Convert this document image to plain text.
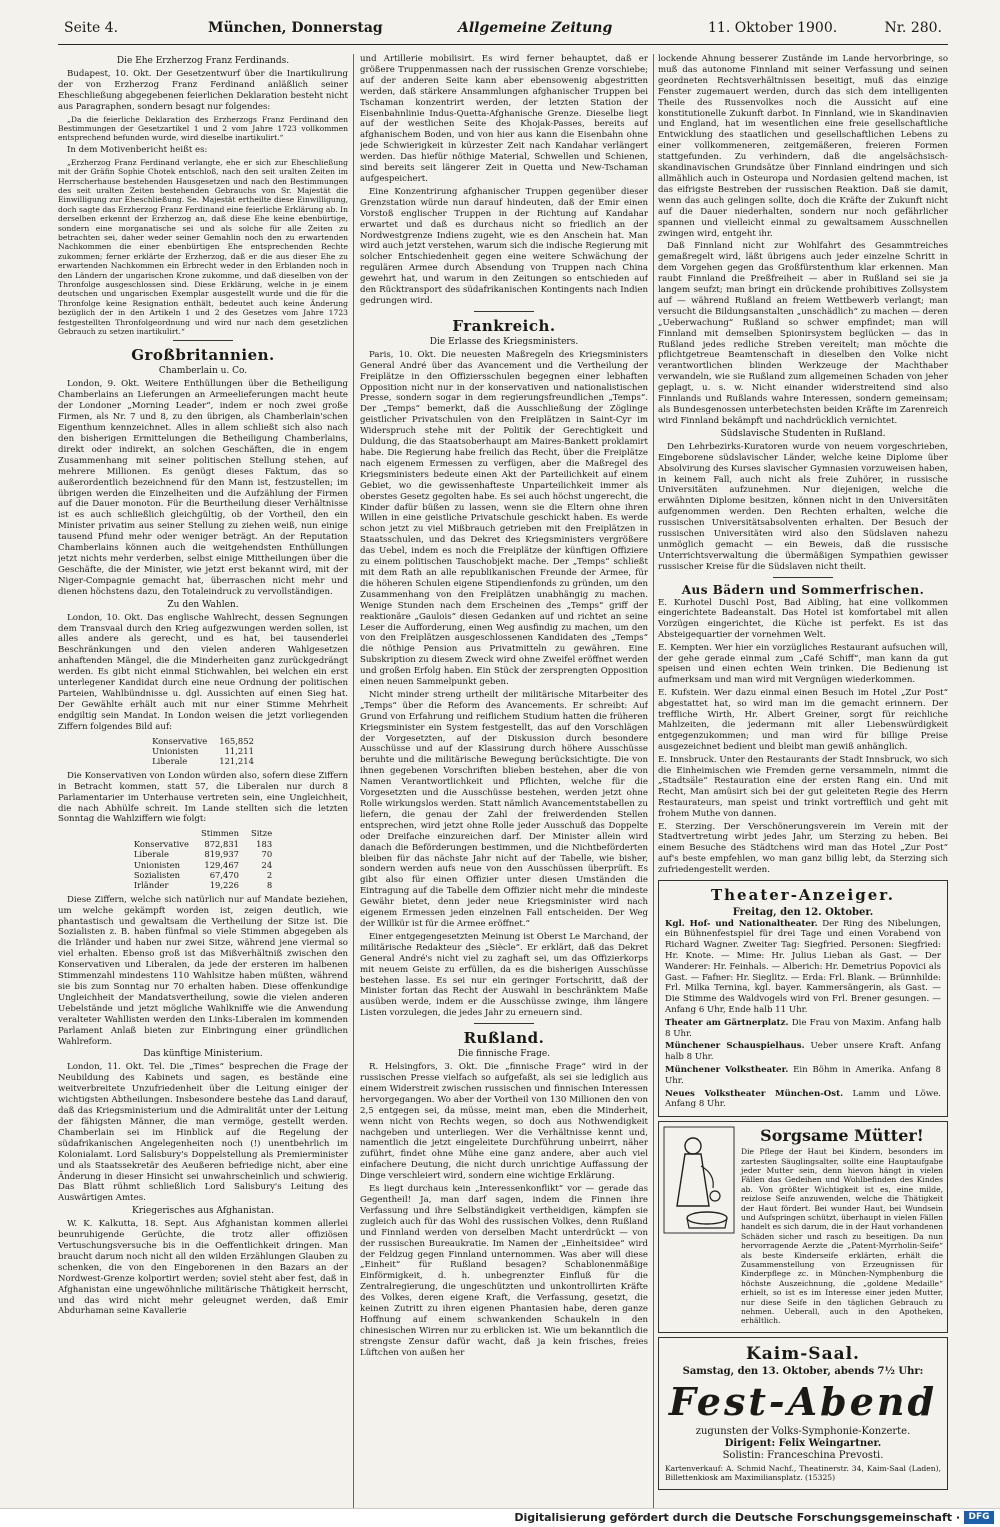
Seite 4.	München, Donnerstag	Allgemeine Zeitung	11. Oktober 1900.	Nr. 280.
Die Ehe Erzherzog Franz Ferdinands.

Budapest, 10. Okt. Der Gesetzentwurf über die Inartikulirung der von Erzherzog Franz Ferdinand anläßlich seiner Eheschließung abgegebenen feierlichen Deklaration besteht nicht aus Paragraphen, sondern besagt nur folgendes:

„Da die feierliche Deklaration des Erzherzogs Franz Ferdinand den Bestimmungen der Gesetzartikel 1 und 2 vom Jahre 1723 vollkommen entsprechend befunden wurde, wird dieselbe inartikulirt.“

In dem Motivenbericht heißt es:

„Erzherzog Franz Ferdinand verlangte, ehe er sich zur Eheschließung mit der Gräfin Sophie Chotek entschloß, nach den seit uralten Zeiten im Herrscherhause bestehenden Hausgesetzen und nach den Bestimmungen des seit uralten Zeiten bestehenden Gebrauchs von Sr. Majestät die Einwilligung zur Eheschließung. Se. Majestät ertheilte diese Einwilligung, doch sagte das Erzherzog Franz Ferdinand eine feierliche Erklärung ab. In derselben erkennt der Erzherzog an, daß diese Ehe keine ebenbürtige, sondern eine morganatische sei und als solche für alle Zeiten zu betrachten sei, daher weder seiner Gemahlin noch den zu erwartenden Nachkommen die einer ebenbürtigen Ehe entsprechenden Rechte zukommen; ferner erklärte der Erzherzog, daß er die aus dieser Ehe zu erwartenden Nachkommen ein Erbrecht weder in den Erblanden noch in den Ländern der ungarischen Krone zukomme, und daß dieselben von der Thronfolge ausgeschlossen sind. Diese Erklärung, welche in je einem deutschen und ungarischen Exemplar ausgestellt wurde und die für die Thronfolge keine Resignation enthält, bedeutet auch keine Änderung bezüglich der in den Artikeln 1 und 2 des Gesetzes vom Jahre 1723 festgestellten Thronfolgeordnung und wird nur nach dem gesetzlichen Gebrauch zu setzen inartikulirt.“

Großbritannien.
Chamberlain u. Co.

London, 9. Okt. Weitere Enthüllungen über die Betheiligung Chamberlains an Lieferungen an Armeelieferungen macht heute der Londoner „Morning Leader“, indem er noch zwei große Firmen, als Nr. 7 und 8, zu den übrigen, als Chamberlain'schen Eigenthum kennzeichnet. Alles in allem schließt sich also nach den bisherigen Ermittelungen die Betheiligung Chamberlains, direkt oder indirekt, an solchen Geschäften, die in engem Zusammenhang mit seiner politischen Stellung stehen, auf mehrere Millionen. Es genügt dieses Faktum, das so außerordentlich bezeichnend für den Mann ist, festzustellen; im übrigen werden die Einzelheiten und die Aufzählung der Firmen auf die Dauer monoton. Für die Beurtheilung dieser Verhältnisse ist es auch schließlich gleichgültig, ob der Vortheil, den ein Minister privatim aus seiner Stellung zu ziehen weiß, nun einige tausend Pfund mehr oder weniger beträgt. An der Reputation Chamberlains können auch die weitgehendsten Enthüllungen jetzt nichts mehr verderben, selbst einige Mittheilungen über die Geschäfte, die der Minister, wie jetzt erst bekannt wird, mit der Niger-Compagnie gemacht hat, überraschen nicht mehr und dienen höchstens dazu, den Totaleindruck zu vervollständigen.

Zu den Wahlen.

London, 10. Okt. Das englische Wahlrecht, dessen Segnungen dem Transvaal durch den Krieg aufgezwungen werden sollen, ist alles andere als gerecht, und es hat, bei tausenderlei Beschränkungen und den vielen anderen Wahlgesetzen anhaftenden Mängel, die die Minderheiten ganz zurückgedrängt werden. Es gibt nicht einmal Stichwahlen, bei welchen ein erst unterlegener Kandidat durch eine neue Ordnung der politischen Parteien, Wahlbündnisse u. dgl. Aussichten auf einen Sieg hat. Der Gewählte erhält auch mit nur einer Stimme Mehrheit endgiltig sein Mandat. In London weisen die jetzt vorliegenden Ziffern folgendes Bild auf:

Konservative	165,852
Unionisten	11,211
Liberale	121,214

Die Konservativen von London würden also, sofern diese Ziffern in Betracht kommen, statt 57, die Liberalen nur durch 8 Parlamentarier im Unterhause vertreten sein, eine Ungleichheit, die nach Abhülfe schreit. Im Lande stellten sich die letzten Sonntag die Wahlziffern wie folgt:

	Stimmen	Sitze
Konservative	872,831	183
Liberale	819,937	70
Unionisten	129,467	24
Sozialisten	67,470	2
Irländer	19,226	8

Diese Ziffern, welche sich natürlich nur auf Mandate beziehen, um welche gekämpft worden ist, zeigen deutlich, wie phantastisch und gewaltsam die Vertheilung der Sitze ist. Die Sozialisten z. B. haben fünfmal so viele Stimmen abgegeben als die Irländer und haben nur zwei Sitze, während jene viermal so viel erhalten. Ebenso groß ist das Mißverhältniß zwischen den Konservativen und Liberalen, da jede der ersteren im halbenen Stimmenzahl mindestens 110 Wahlsitze haben müßten, während sie bis zum Sonntag nur 70 erhalten haben. Diese offenkundige Ungleichheit der Mandatsvertheilung, sowie die vielen anderen Uebelstände und jetzt mögliche Wahlkniffe wie die Anwendung veralteter Wahllisten werden den Links-Liberalen im kommenden Parlament Anlaß bieten zur Einbringung einer gründlichen Wahlreform.

Das künftige Ministerium.

London, 11. Okt. Tel. Die „Times“ besprechen die Frage der Neubildung des Kabinets und sagen, es bestände eine weitverbreitete Unzufriedenheit über die Leitung einiger der wichtigsten Abtheilungen. Insbesondere bestehe das Land darauf, daß das Kriegsministerium und die Admiralität unter der Leitung der fähigsten Männer, die man vermöge, gestellt werden. Chamberlain sei im Hinblick auf die Regelung der südafrikanischen Angelegenheiten noch (!) unentbehrlich im Kolonialamt. Lord Salisbury's Doppelstellung als Premierminister und als Staatssekretär des Aeußeren befriedige nicht, aber eine Änderung in dieser Hinsicht sei unwahrscheinlich und schwierig. Das Blatt rühmt schließlich Lord Salisbury's Leitung des Auswärtigen Amtes.

Kriegerisches aus Afghanistan.

W. K. Kalkutta, 18. Sept. Aus Afghanistan kommen allerlei beunruhigende Gerüchte, die trotz aller offiziösen Vertuschungsversuche bis in die Oeffentlichkeit dringen. Man braucht darum noch nicht all den wilden Erzählungen Glauben zu schenken, die von den Eingeborenen in den Bazars an der Nordwest-Grenze kolportirt werden; soviel steht aber fest, daß in Afghanistan eine ungewöhnliche militärische Thätigkeit herrscht, und das wird nicht mehr geleugnet werden, daß Emir Abdurhaman seine Kavallerie

und Artillerie mobilisirt. Es wird ferner behauptet, daß er größere Truppenmassen nach der russischen Grenze vorschiebe; auf der anderen Seite kann aber ebensowenig abgestritten werden, daß stärkere Ansammlungen afghanischer Truppen bei Tschaman konzentrirt werden, der letzten Station der Eisenbahnlinie Indus-Quetta-Afghanische Grenze. Dieselbe liegt auf der westlichen Seite des Khojak-Passes, bereits auf afghanischem Boden, und von hier aus kann die Eisenbahn ohne jede Schwierigkeit in kürzester Zeit nach Kandahar verlängert werden. Das hiefür nöthige Material, Schwellen und Schienen, sind bereits seit längerer Zeit in Quetta und New-Tschaman aufgespeichert.

Eine Konzentrirung afghanischer Truppen gegenüber dieser Grenzstation würde nun darauf hindeuten, daß der Emir einen Vorstoß englischer Truppen in der Richtung auf Kandahar erwartet und daß es durchaus nicht so friedlich an der Nordwestgrenze Indiens zugeht, wie es den Anschein hat. Man wird auch jetzt verstehen, warum sich die indische Regierung mit solcher Entschiedenheit gegen eine weitere Schwächung der regulären Armee durch Absendung von Truppen nach China gewehrt hat, und warum in den Zeitungen so entschieden auf den Rücktransport des südafrikanischen Kontingents nach Indien gedrungen wird.

Frankreich.
Die Erlasse des Kriegsministers.

Paris, 10. Okt. Die neuesten Maßregeln des Kriegsministers General André über das Avancement und die Vertheilung der Freiplätze in den Offiziersschulen begegnen einer lebhaften Opposition nicht nur in der konservativen und nationalistischen Presse, sondern sogar in dem regierungsfreundlichen „Temps“. Der „Temps“ bemerkt, daß die Ausschließung der Zöglinge geistlicher Privatschulen von den Freiplätzen in Saint-Cyr im Widerspruch stehe mit der Politik der Gerechtigkeit und Duldung, die das Staatsoberhaupt am Maires-Bankett proklamirt habe. Die Regierung habe freilich das Recht, über die Freiplätze nach eigenem Ermessen zu verfügen, aber die Maßregel des Kriegsministers bedeute einen Akt der Parteilichkeit auf einem Gebiet, wo die gewissenhafteste Unparteilichkeit immer als oberstes Gesetz gegolten habe. Es sei auch höchst ungerecht, die Kinder dafür büßen zu lassen, wenn sie die Eltern ohne ihren Willen in eine geistliche Privatschule geschickt haben. Es werde schon jetzt zu viel Mißbrauch getrieben mit den Freiplätzen in Staatsschulen, und das Dekret des Kriegsministers vergrößere das Uebel, indem es noch die Freiplätze der künftigen Offiziere zu einem politischen Tauschobjekt mache. Der „Temps“ schließt mit dem Rath an alle republikanischen Freunde der Armee, für die höheren Schulen eigene Stipendienfonds zu gründen, um den Zusammenhang von den Freiplätzen unabhängig zu machen. Wenige Stunden nach dem Erscheinen des „Temps“ griff der reaktionäre „Gaulois“ diesen Gedanken auf und richtet an seine Leser die Aufforderung, einen Weg ausfindig zu machen, um den von den Freiplätzen ausgeschlossenen Kandidaten des „Temps“ die nöthige Pension aus Privatmitteln zu gewähren. Eine Subskription zu diesem Zweck wird ohne Zweifel eröffnet werden und großen Erfolg haben. Ein Stück der zersprengten Opposition einen neuen Sammelpunkt geben.

Nicht minder streng urtheilt der militärische Mitarbeiter des „Temps“ über die Reform des Avancements. Er schreibt: Auf Grund von Erfahrung und reiflichem Studium hatten die früheren Kriegsminister ein System festgestellt, das auf den Vorschlägen der Vorgesetzten, auf der Diskussion durch besondere Ausschüsse und auf der Klassirung durch höhere Ausschüsse beruhte und die militärische Bewegung berücksichtigte. Die von ihnen gegebenen Vorschriften blieben bestehen, aber die von Namen Verantwortlichkeit und Pflichten, welche für die Vorgesetzten und die Ausschüsse bestehen, werden jetzt ohne Rolle wirkungslos werden. Statt nämlich Avancementstabellen zu liefern, die genau der Zahl der freiwerdenden Stellen entsprechen, wird jetzt ohne Rolle jeder Ausschuß das Doppelte oder Dreifache einzureichen darf. Der Minister allein wird danach die Beförderungen bestimmen, und die Nichtbeförderten bleiben für das nächste Jahr nicht auf der Tabelle, wie bisher, sondern werden aufs neue von den Ausschüssen überprüft. Es gibt also für einen Offizier unter diesen Umständen die Eintragung auf die Tabelle dem Offizier nicht mehr die mindeste Gewähr bietet, denn jeder neue Kriegsminister wird nach eigenem Ermessen jeden einzelnen Fall entscheiden. Der Weg der Willkür ist für die Armee eröffnet.“

Einer entgegengesetzten Meinung ist Oberst Le Marchand, der militärische Redakteur des „Siècle“. Er erklärt, daß das Dekret General André's nicht viel zu zaghaft sei, um das Offizierkorps mit neuem Geiste zu erfüllen, da es die bisherigen Ausschüsse bestehen lasse. Es sei nur ein geringer Fortschritt, daß der Minister fortan das Recht der Auswahl in beschränktem Maße ausüben werde, indem er die Ausschüsse zwinge, ihm längere Listen vorzulegen, die jedes Jahr zu erneuern sind.

Rußland.
Die finnische Frage.

R. Helsingfors, 3. Okt. Die „finnische Frage“ wird in der russischen Presse vielfach so aufgefaßt, als sei sie lediglich aus einem Widerstreit zwischen russischen und finnischen Interessen hervorgegangen. Wo aber der Vortheil von 130 Millionen den von 2,5 entgegen sei, da müsse, meint man, eben die Minderheit, wenn nicht von Rechts wegen, so doch aus Nothwendigkeit nachgeben und unterliegen. Wer die Verhältnisse kennt und, namentlich die jetzt eingeleitete Durchführung unbeirrt, näher zuführt, findet ohne Mühe eine ganz andere, aber auch viel einfachere Deutung, die nicht durch unrichtige Auffassung der Dinge verschleiert wird, sondern eine wichtige Erklärung.

Es liegt durchaus kein „Interessenkonflikt“ vor — gerade das Gegentheil! Ja, man darf sagen, indem die Finnen ihre Verfassung und ihre Selbständigkeit vertheidigen, kämpfen sie zugleich auch für das Wohl des russischen Volkes, denn Rußland und Finnland werden von derselben Macht unterdrückt — von der russischen Bureaukratie. Im Namen der „Einheitsidee“ wird der Feldzug gegen Finnland unternommen. Was aber will diese „Einheit“ für Rußland besagen? Schablonenmäßige Einförmigkeit, d. h. unbegrenzter Einfluß für die Zentralregierung, die ungeschützten und unkontrollirten Kräfte des Volkes, deren eigene Kraft, die Verfassung, gesetzt, die keinen Zutritt zu ihren eigenen Phantasien habe, deren ganze Hoffnung auf einem schwankenden Schaukeln in den chinesischen Wirren nur zu erblicken ist. Wie um bekanntlich die strengste Zensur dafür wacht, daß ja kein frisches, freies Lüftchen von außen her

lockende Ahnung besserer Zustände im Lande hervorbringe, so muß das autonome Finnland mit seiner Verfassung und seinen geordneten Rechtsverhältnissen beseitigt, muß das einzige Fenster zugemauert werden, durch das sich dem intelligenten Theile des Russenvolkes noch die Aussicht auf eine konstitutionelle Zukunft darbot. In Finnland, wie in Skandinavien und England, hat im wesentlichen eine freie gesellschaftliche Entwicklung des staatlichen und gesellschaftlichen Lebens zu einer vollkommeneren, zeitgemäßeren, freieren Formen stattgefunden. Zu verhindern, daß die angelsächsisch-skandinavischen Grundsätze über Finnland eindringen und sich allmählich auch in Osteuropa und Nordasien geltend machen, ist das eifrigste Bestreben der russischen Reaktion. Daß sie damit, wenn das auch gelingen sollte, doch die Kräfte der Zukunft nicht auf die Dauer niederhalten, sondern nur noch gefährlicher spannen und vielleicht einmal zu gewaltsamem Ausschnellen zwingen wird, entgeht ihr.

Daß Finnland nicht zur Wohlfahrt des Gesammtreiches gemaßregelt wird, läßt übrigens auch jeder einzelne Schritt in dem Vorgehen gegen das Großfürstenthum klar erkennen. Man raubt Finnland die Preßfreiheit — aber in Rußland sei sie ja langem seufzt; man bringt ein drückende prohibitives Zollsystem auf — während Rußland an freiem Wettbewerb verlangt; man versucht die Bildungsanstalten „unschädlich“ zu machen — deren „Ueberwachung“ Rußland so schwer empfindet; man will Finnland mit demselben Spionirsystem beglücken — das in Rußland jedes redliche Streben vereitelt; man möchte die pflichtgetreue Beamtenschaft in dieselben den Volke nicht verantwortlichen blinden Werkzeuge der Machthaber verwandeln, wie sie Rußland zum allgemeinen Schaden von jeher geplagt, u. s. w. Nicht einander widerstreitend sind also Finnlands und Rußlands wahre Interessen, sondern gemeinsam; als Bundesgenossen unterbetechsten beiden Kräfte im Zarenreich wird Finnland bekämpft und nachdrücklich vernichtet.

Südslavische Studenten in Rußland.

Den Lehrbezirks-Kuratoren wurde von neuem vorgeschrieben, Eingeborene südslavischer Länder, welche keine Diplome über Absolvirung des Kurses slavischer Gymnasien vorzuweisen haben, in keinem Fall, auch nicht als freie Zuhörer, in russische Universitäten aufzunehmen. Nur diejenigen, welche die erwähnten Diplome besitzen, können nicht in den Universitäten aufgenommen werden. Den Rechten erhalten, welche die russischen Universitätsabsolventen erhalten. Der Besuch der russischen Universitäten wird also den Südslaven nahezu unmöglich gemacht — ein Beweis, daß die russische Unterrichtsverwaltung die übermäßigen Sympathien gewisser russischer Kreise für die Südslaven nicht theilt.

Aus Bädern und Sommerfrischen.

E. Kurhotel Duschl Post, Bad Aibling, hat eine vollkommen eingerichtete Badeanstalt. Das Hotel ist komfortabel mit allen Vorzügen eingerichtet, die Küche ist perfekt. Es ist das Absteigequartier der vornehmen Welt.

E. Kempten. Wer hier ein vorzügliches Restaurant aufsuchen will, der gehe gerade einmal zum „Café Schiff“, man kann da gut speisen und einen echten Wein trinken. Die Bedienung ist aufmerksam und man wird mit Vergnügen wiederkommen.

E. Kufstein. Wer dazu einmal einen Besuch im Hotel „Zur Post“ abgestattet hat, so wird man im die gemacht erinnern. Der treffliche Wirth, Hr. Albert Greiner, sorgt für reichliche Mahlzeiten, die jedermann mit aller Liebenswürdigkeit entgegenzukommen; und man wird für billige Preise ausgezeichnet bedient und bleibt man gewiß anhänglich.

E. Innsbruck. Unter den Restaurants der Stadt Innsbruck, wo sich die Einheimischen wie Fremden gerne versammeln, nimmt die „Stadtsäle“ Restauration eine der ersten Rang ein. Und mit Recht, Man amüsirt sich bei der gut geleiteten Regie des Herrn Restaurateurs, man speist und trinkt vortrefflich und geht mit frohem Muthe von dannen.

E. Sterzing. Der Verschönerungsverein im Verein mit der Stadtvertretung wirbt jedes Jahr, um Sterzing zu heben. Bei einem Besuche des Städtchens wird man das Hotel „Zur Post“ auf's beste empfehlen, wo man ganz billig lebt, da Sterzing sich zufriedengestellt werden.

Theater-Anzeiger.
Freitag, den 12. Oktober.

Kgl. Hof- und Nationaltheater. Der Ring des Nibelungen, ein Bühnenfestspiel für drei Tage und einen Vorabend von Richard Wagner. Zweiter Tag: Siegfried. Personen: Siegfried: Hr. Knote. — Mime: Hr. Julius Lieban als Gast. — Der Wanderer: Hr. Feinhals. — Alberich: Hr. Demetrius Popovici als Gast. — Fafner: Hr. Sieglitz. — Erda: Frl. Blank. — Brünnhilde: Frl. Milka Ternina, kgl. bayer. Kammersängerin, als Gast. — Die Stimme des Waldvogels wird von Frl. Brener gesungen. — Anfang 6 Uhr, Ende halb 11 Uhr.

Theater am Gärtnerplatz. Die Frau von Maxim. Anfang halb 8 Uhr.

Münchener Schauspielhaus. Ueber unsere Kraft. Anfang halb 8 Uhr.

Münchener Volkstheater. Ein Böhm in Amerika. Anfang 8 Uhr.

Neues Volkstheater München-Ost. Lamm und Löwe. Anfang 8 Uhr.

Sorgsame Mütter!

Die Pflege der Haut bei Kindern, besonders im zartesten Säuglingsalter, sollte eine Hauptaufgabe jeder Mutter sein, denn hievon hängt in vielen Fällen das Gedeihen und Wohlbefinden des Kindes ab. Von größter Wichtigkeit ist es, eine milde, reizlose Seife anzuwenden, welche die Thätigkeit der Haut fördert. Bei wunder Haut, bei Wundsein und Aufspringen schützt, überhaupt in vielen Fällen handelt es sich darum, die in der Haut vorhandenen Schäden sicher und rasch zu beseitigen. Da nun hervorragende Aerzte die „Patent-Myrrholin-Seife“ als beste Kinderseife erklärten, erhält die Zusammenstellung von Erzeugnissen für Kinderpflege zc. in München-Nymphenburg die höchste Auszeichnung, die „goldene Medaille“ erhielt, so ist es im Interesse einer jeden Mutter, nur diese Seife in den täglichen Gebrauch zu nehmen. Ueberall, auch in den Apotheken, erhältlich.

Kaim-Saal.
Samstag, den 13. Oktober, abends 7½ Uhr:
Fest-Abend
zugunsten der Volks-Symphonie-Konzerte.
Dirigent: Felix Weingartner.
Solistin: Franceschina Prevosti.

Kartenverkauf: A. Schmid Nachf., Theatinerstr. 34, Kaim-Saal (Laden), Billettenkiosk am Maximiliansplatz. (15325)

Digitalisierung gefördert durch die Deutsche Forschungsgemeinschaft · DFG
